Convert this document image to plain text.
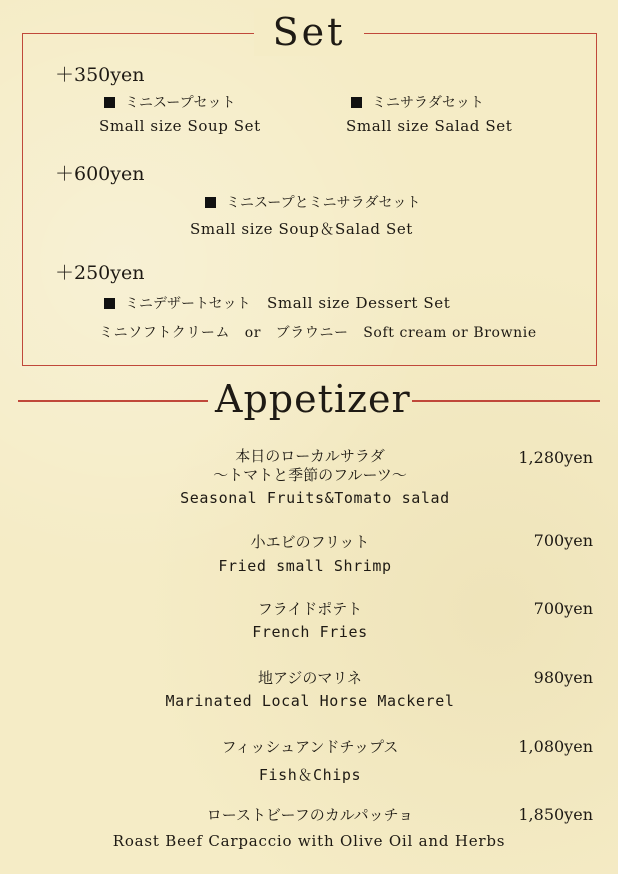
Set
＋350yen
ミニスープセット
Small size Soup Set
ミニサラダセット
Small size Salad Set
＋600yen
ミニスープとミニサラダセット
Small size Soup＆Salad Set
＋250yen
ミニデザートセット Small size Dessert Set
ミニソフトクリーム　or　ブラウニー　Soft cream or Brownie
Appetizer
本日のローカルサラダ
～トマトと季節のフルーツ～
1,280yen
Seasonal Fruits&Tomato salad
小エビのフリット	700yen
Fried small Shrimp
フライドポテト	700yen
French Fries
地アジのマリネ	980yen
Marinated Local Horse Mackerel
フィッシュアンドチップス	1,080yen
Fish＆Chips
ローストビーフのカルパッチョ	1,850yen
Roast Beef Carpaccio with Olive Oil and Herbs
